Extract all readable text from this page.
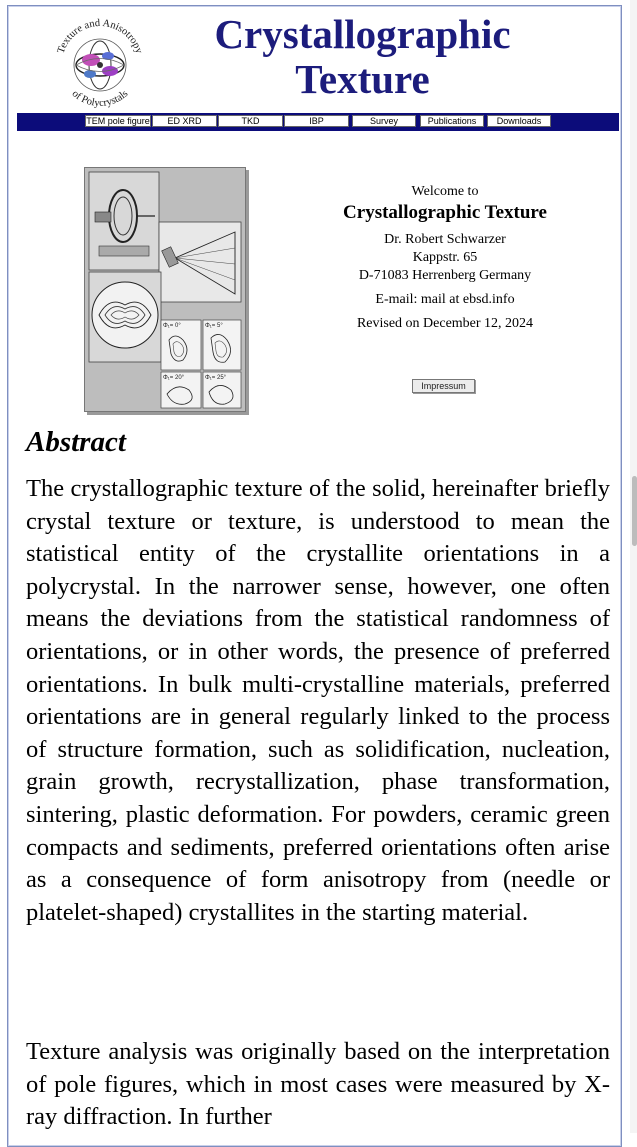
Texture and Anisotropy
of Polycrystals
Crystallographic
Texture
TEM pole figure	ED XRD	TKD	IBP	Survey	Publications	Downloads
Φ₁= 0°	Φ₁= 5°
Φ₁= 20°	Φ₁= 25°
Welcome to
Crystallographic Texture
Dr. Robert Schwarzer
Kappstr. 65
D-71083 Herrenberg Germany
E-mail: mail at ebsd.info
Revised on December 12, 2024
Impressum
Abstract

The crystallographic texture of the solid, hereinafter briefly crystal texture or texture, is understood to mean the statistical entity of the crystallite orientations in a polycrystal. In the narrower sense, however, one often means the deviations from the statistical randomness of orientations, or in other words, the presence of preferred orientations. In bulk multi-crystalline materials, preferred orientations are in general regularly linked to the process of structure formation, such as solidification, nucleation, grain growth, recrystallization, phase transformation, sintering, plastic deformation. For powders, ceramic green compacts and sediments, preferred orientations often arise as a consequence of form anisotropy from (needle or platelet-shaped) crystallites in the starting material.

Texture analysis was originally based on the interpretation of pole figures, which in most cases were measured by X-ray diffraction. In further
